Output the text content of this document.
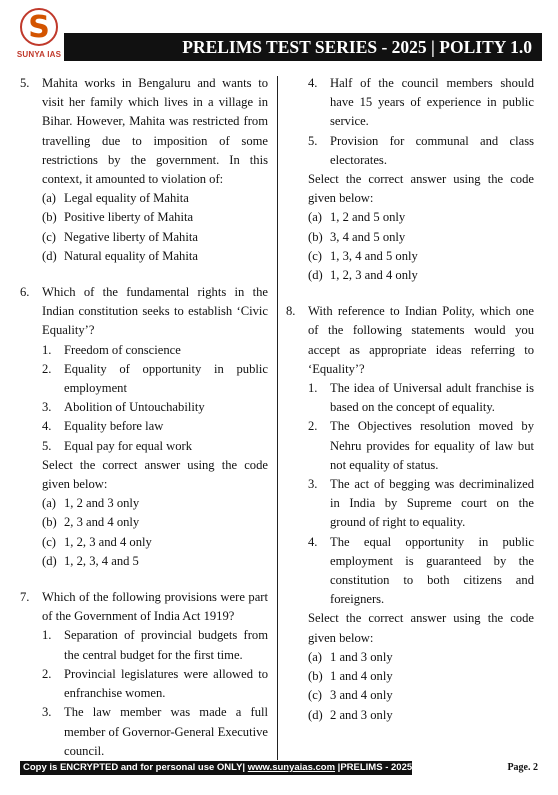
S
SUNYA IAS	PRELIMS TEST SERIES - 2025 | POLITY 1.0
5. Mahita works in Bengaluru and wants to visit her family which lives in a village in Bihar. However, Mahita was restricted from travelling due to imposition of some restrictions by the government. In this context, it amounted to violation of:

(a) Legal equality of Mahita
(b) Positive liberty of Mahita
(c) Negative liberty of Mahita
(d) Natural equality of Mahita
6. Which of the fundamental rights in the Indian constitution seeks to establish ‘Civic Equality’?

1. Freedom of conscience
2. Equality of opportunity in public employment
3. Abolition of Untouchability
4. Equality before law
5. Equal pay for equal work

Select the correct answer using the code given below:

(a) 1, 2 and 3 only
(b) 2, 3 and 4 only
(c) 1, 2, 3 and 4 only
(d) 1, 2, 3, 4 and 5
7. Which of the following provisions were part of the Government of India Act 1919?

1. Separation of provincial budgets from the central budget for the first time.
2. Provincial legislatures were allowed to enfranchise women.
3. The law member was made a full member of Governor-General Executive council.
4. Half of the council members should have 15 years of experience in public service.
5. Provision for communal and class electorates.

Select the correct answer using the code given below:

(a) 1, 2 and 5 only
(b) 3, 4 and 5 only
(c) 1, 3, 4 and 5 only
(d) 1, 2, 3 and 4 only
8. With reference to Indian Polity, which one of the following statements would you accept as appropriate ideas referring to ‘Equality’?

1. The idea of Universal adult franchise is based on the concept of equality.
2. The Objectives resolution moved by Nehru provides for equality of law but not equality of status.
3. The act of begging was decriminalized in India by Supreme court on the ground of right to equality.
4. The equal opportunity in public employment is guaranteed by the constitution to both citizens and foreigners.

Select the correct answer using the code given below:

(a) 1 and 3 only
(b) 1 and 4 only
(c) 3 and 4 only
(d) 2 and 3 only
Copy is ENCRYPTED and for personal use ONLY| www.sunyaias.com |PRELIMS - 2025	Page. 2
